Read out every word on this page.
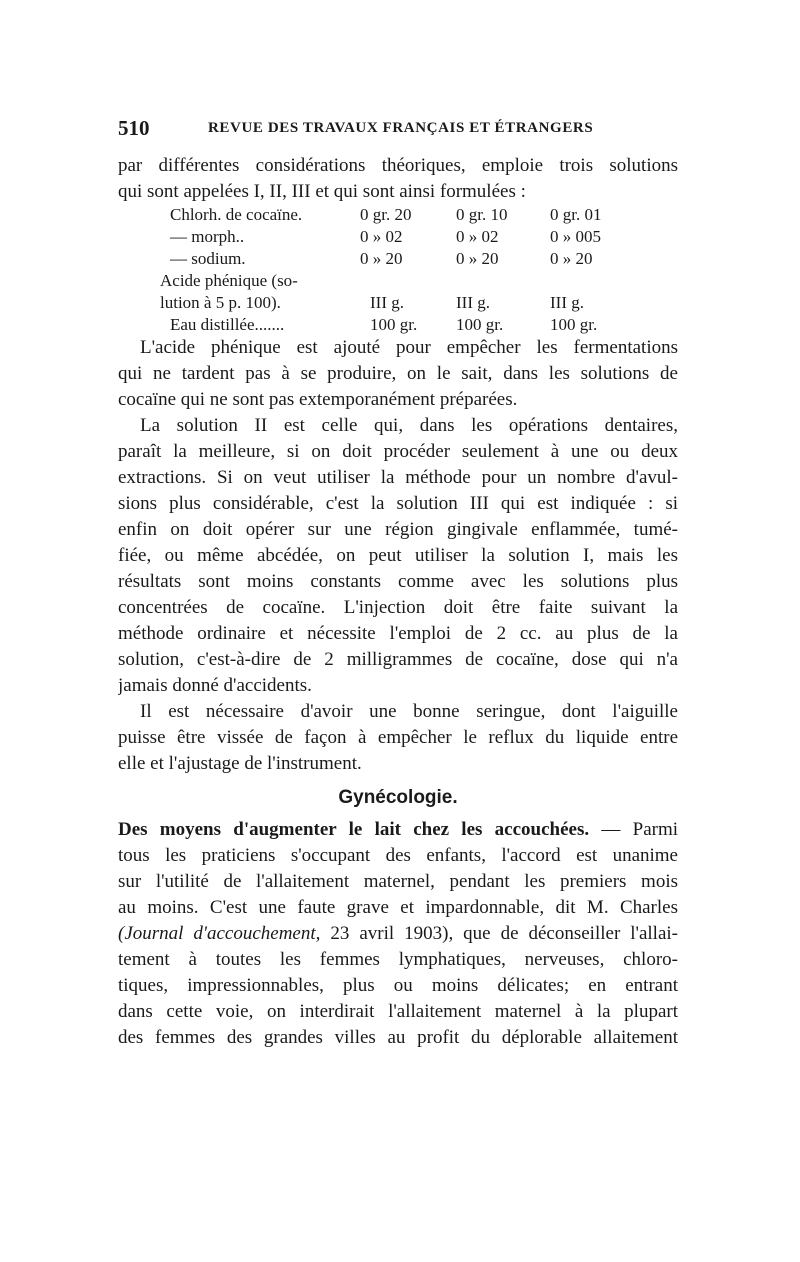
510	REVUE DES TRAVAUX FRANÇAIS ET ÉTRANGERS
par différentes considérations théoriques, emploie trois solutions
qui sont appelées I, II, III et qui sont ainsi formulées :
Chlorh. de cocaïne.	0 gr. 20	0 gr. 10	0 gr. 01
— morph..	0 » 02	0 » 02	0 » 005
— sodium.	0 » 20	0 » 20	0 » 20
Acide phénique (so-
lution à 5 p. 100).	III g.	III g.	III g.
Eau distillée.......	100 gr. 100 gr.	100 gr.
L'acide phénique est ajouté pour empêcher les fermentations
qui ne tardent pas à se produire, on le sait, dans les solutions de
cocaïne qui ne sont pas extemporanément préparées.
La solution II est celle qui, dans les opérations dentaires,
paraît la meilleure, si on doit procéder seulement à une ou deux
extractions. Si on veut utiliser la méthode pour un nombre d'avul-
sions plus considérable, c'est la solution III qui est indiquée : si
enfin on doit opérer sur une région gingivale enflammée, tumé-
fiée, ou même abcédée, on peut utiliser la solution I, mais les
résultats sont moins constants comme avec les solutions plus
concentrées de cocaïne. L'injection doit être faite suivant la
méthode ordinaire et nécessite l'emploi de 2 cc. au plus de la
solution, c'est-à-dire de 2 milligrammes de cocaïne, dose qui n'a
jamais donné d'accidents.
Il est nécessaire d'avoir une bonne seringue, dont l'aiguille
puisse être vissée de façon à empêcher le reflux du liquide entre
elle et l'ajustage de l'instrument.
Gynécologie.
Des moyens d'augmenter le lait chez les accouchées. — Parmi
tous les praticiens s'occupant des enfants, l'accord est unanime
sur l'utilité de l'allaitement maternel, pendant les premiers mois
au moins. C'est une faute grave et impardonnable, dit M. Charles
(Journal d'accouchement, 23 avril 1903), que de déconseiller l'allai-
tement à toutes les femmes lymphatiques, nerveuses, chloro-
tiques, impressionnables, plus ou moins délicates; en entrant
dans cette voie, on interdirait l'allaitement maternel à la plupart
des femmes des grandes villes au profit du déplorable allaitement
